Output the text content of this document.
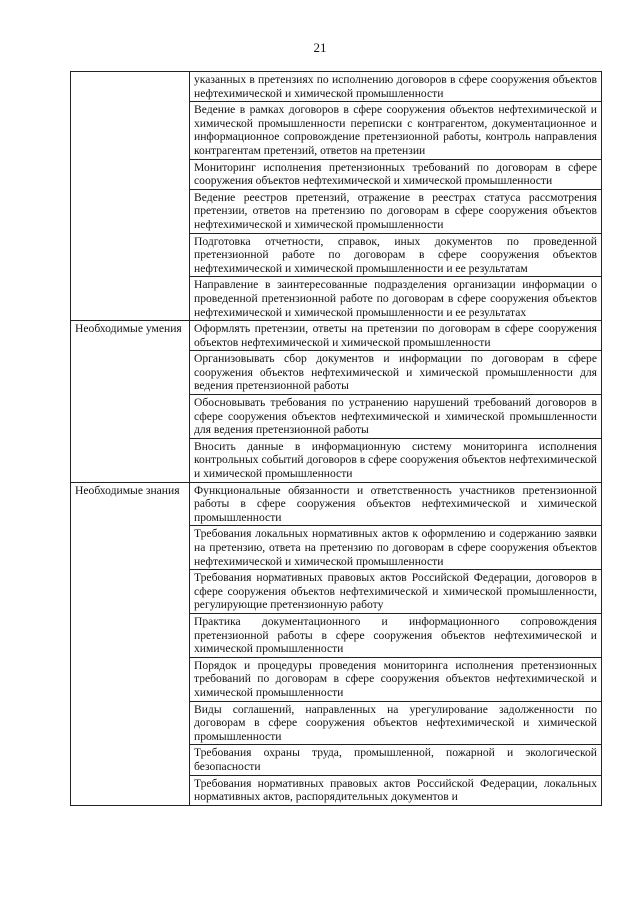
21
	указанных в претензиях по исполнению договоров в сфере сооружения объектов нефтехимической и химической промышленности
	Ведение в рамках договоров в сфере сооружения объектов нефтехимической и химической промышленности переписки с контрагентом, документационное и информационное сопровождение претензионной работы, контроль направления контрагентам претензий, ответов на претензии
	Мониторинг исполнения претензионных требований по договорам в сфере сооружения объектов нефтехимической и химической промышленности
	Ведение реестров претензий, отражение в реестрах статуса рассмотрения претензии, ответов на претензию по договорам в сфере сооружения объектов нефтехимической и химической промышленности
	Подготовка отчетности, справок, иных документов по проведенной претензионной работе по договорам в сфере сооружения объектов нефтехимической и химической промышленности и ее результатам
	Направление в заинтересованные подразделения организации информации о проведенной претензионной работе по договорам в сфере сооружения объектов нефтехимической и химической промышленности и ее результатах
Необходимые умения	Оформлять претензии, ответы на претензии по договорам в сфере сооружения объектов нефтехимической и химической промышленности
	Организовывать сбор документов и информации по договорам в сфере сооружения объектов нефтехимической и химической промышленности для ведения претензионной работы
	Обосновывать требования по устранению нарушений требований договоров в сфере сооружения объектов нефтехимической и химической промышленности для ведения претензионной работы
	Вносить данные в информационную систему мониторинга исполнения контрольных событий договоров в сфере сооружения объектов нефтехимической и химической промышленности
Необходимые знания	Функциональные обязанности и ответственность участников претензионной работы в сфере сооружения объектов нефтехимической и химической промышленности
	Требования локальных нормативных актов к оформлению и содержанию заявки на претензию, ответа на претензию по договорам в сфере сооружения объектов нефтехимической и химической промышленности
	Требования нормативных правовых актов Российской Федерации, договоров в сфере сооружения объектов нефтехимической и химической промышленности, регулирующие претензионную работу
	Практика документационного и информационного сопровождения претензионной работы в сфере сооружения объектов нефтехимической и химической промышленности
	Порядок и процедуры проведения мониторинга исполнения претензионных требований по договорам в сфере сооружения объектов нефтехимической и химической промышленности
	Виды соглашений, направленных на урегулирование задолженности по договорам в сфере сооружения объектов нефтехимической и химической промышленности
	Требования охраны труда, промышленной, пожарной и экологической безопасности
	Требования нормативных правовых актов Российской Федерации, локальных нормативных актов, распорядительных документов и
